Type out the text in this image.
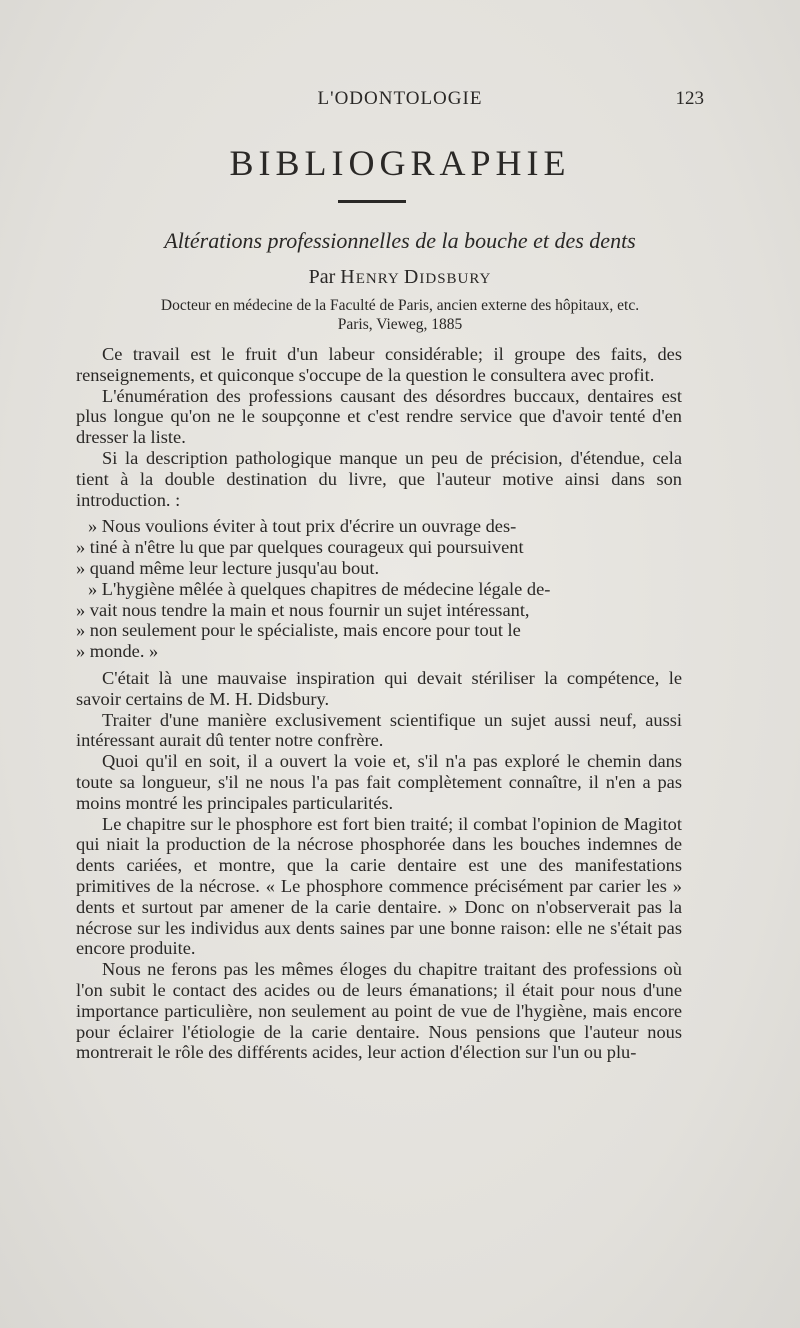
L'ODONTOLOGIE	123
BIBLIOGRAPHIE
Altérations professionnelles de la bouche et des dents
Par HENRY DIDSBURY
Docteur en médecine de la Faculté de Paris, ancien externe des hôpitaux, etc.
Paris, Vieweg, 1885

Ce travail est le fruit d'un labeur considérable; il groupe des faits, des renseignements, et quiconque s'occupe de la question le consultera avec profit.

L'énumération des professions causant des désordres buccaux, dentaires est plus longue qu'on ne le soupçonne et c'est rendre service que d'avoir tenté d'en dresser la liste.

Si la description pathologique manque un peu de précision, d'étendue, cela tient à la double destination du livre, que l'auteur motive ainsi dans son introduction. :

» Nous voulions éviter à tout prix d'écrire un ouvrage des-
» tiné à n'être lu que par quelques courageux qui poursuivent
» quand même leur lecture jusqu'au bout.
» L'hygiène mêlée à quelques chapitres de médecine légale de-
» vait nous tendre la main et nous fournir un sujet intéressant,
» non seulement pour le spécialiste, mais encore pour tout le
» monde. »

C'était là une mauvaise inspiration qui devait stériliser la compétence, le savoir certains de M. H. Didsbury.

Traiter d'une manière exclusivement scientifique un sujet aussi neuf, aussi intéressant aurait dû tenter notre confrère.

Quoi qu'il en soit, il a ouvert la voie et, s'il n'a pas exploré le chemin dans toute sa longueur, s'il ne nous l'a pas fait complètement connaître, il n'en a pas moins montré les principales particularités.

Le chapitre sur le phosphore est fort bien traité; il combat l'opinion de Magitot qui niait la production de la nécrose phosphorée dans les bouches indemnes de dents cariées, et montre, que la carie dentaire est une des manifestations primitives de la nécrose. « Le phosphore commence précisément par carier les » dents et surtout par amener de la carie dentaire. » Donc on n'observerait pas la nécrose sur les individus aux dents saines par une bonne raison: elle ne s'était pas encore produite.

Nous ne ferons pas les mêmes éloges du chapitre traitant des professions où l'on subit le contact des acides ou de leurs émanations; il était pour nous d'une importance particulière, non seulement au point de vue de l'hygiène, mais encore pour éclairer l'étiologie de la carie dentaire. Nous pensions que l'auteur nous montrerait le rôle des différents acides, leur action d'élection sur l'un ou plu-
